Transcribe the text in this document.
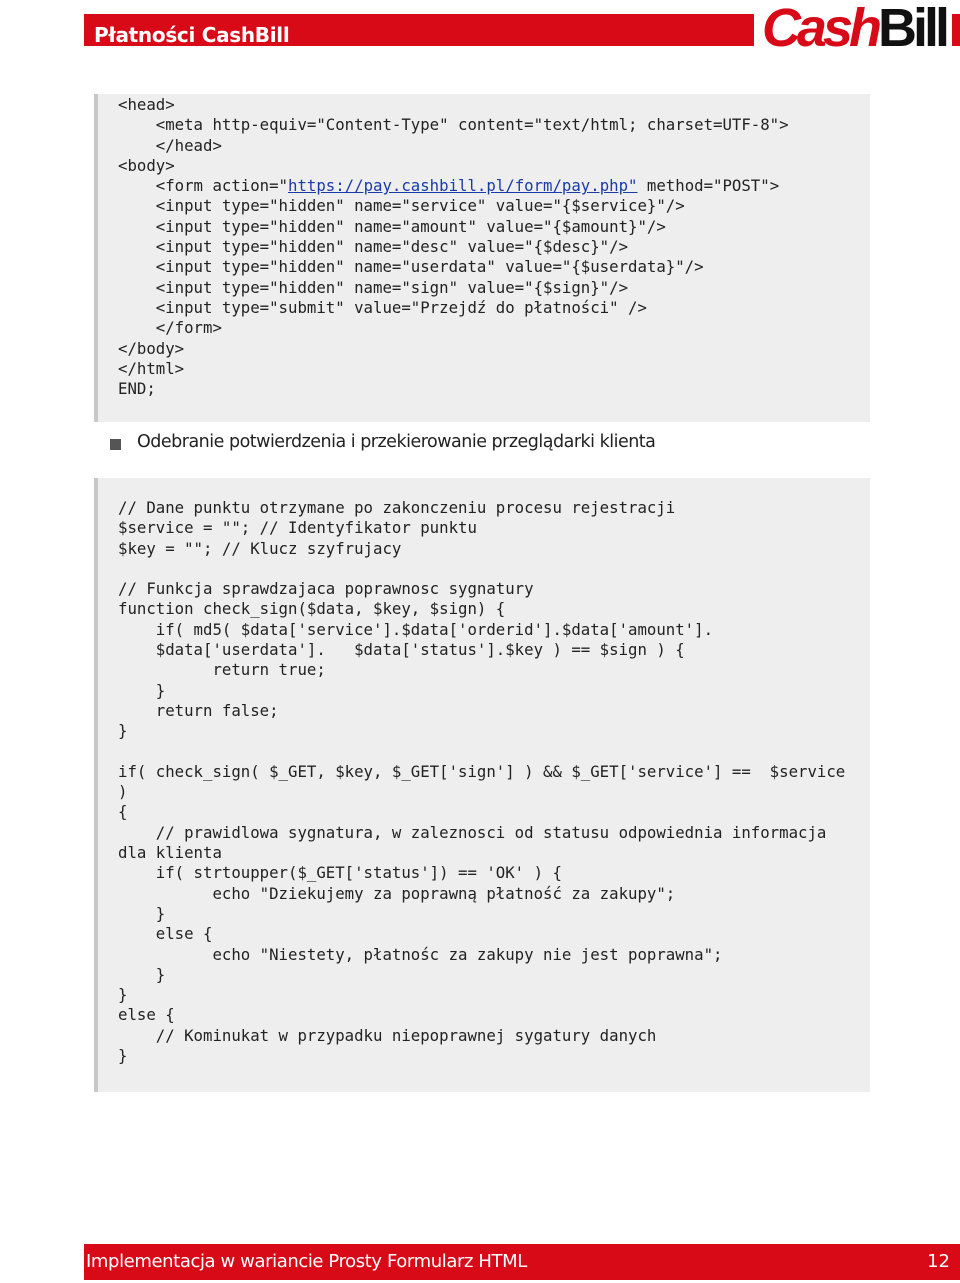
Płatności CashBill	CashBill
<head>
<meta http-equiv="Content-Type" content="text/html; charset=UTF-8">
</head>
<body>
<form action="https://pay.cashbill.pl/form/pay.php" method="POST">
<input type="hidden" name="service" value="{$service}"/>
<input type="hidden" name="amount" value="{$amount}"/>
<input type="hidden" name="desc" value="{$desc}"/>
<input type="hidden" name="userdata" value="{$userdata}"/>
<input type="hidden" name="sign" value="{$sign}"/>
<input type="submit" value="Przejdź do płatności" />
</form>
</body>
</html>
END;
Odebranie potwierdzenia i przekierowanie przeglądarki klienta
// Dane punktu otrzymane po zakonczeniu procesu rejestracji
$service = ""; // Identyfikator punktu
$key = ""; // Klucz szyfrujacy

// Funkcja sprawdzajaca poprawnosc sygnatury
function check_sign($data, $key, $sign) {
if( md5( $data['service'].$data['orderid'].$data['amount'].
$data['userdata'].   $data['status'].$key ) == $sign ) {
return true;
}
return false;
}

if( check_sign( $_GET, $key, $_GET['sign'] ) && $_GET['service'] ==  $service
)
{
// prawidlowa sygnatura, w zaleznosci od statusu odpowiednia informacja
dla klienta
if( strtoupper($_GET['status']) == 'OK' ) {
echo "Dziekujemy za poprawną płatność za zakupy";
}
else {
echo "Niestety, płatnośc za zakupy nie jest poprawna";
}
}
else {
// Kominukat w przypadku niepoprawnej sygatury danych
}
Implementacja w wariancie Prosty Formularz HTML	12
